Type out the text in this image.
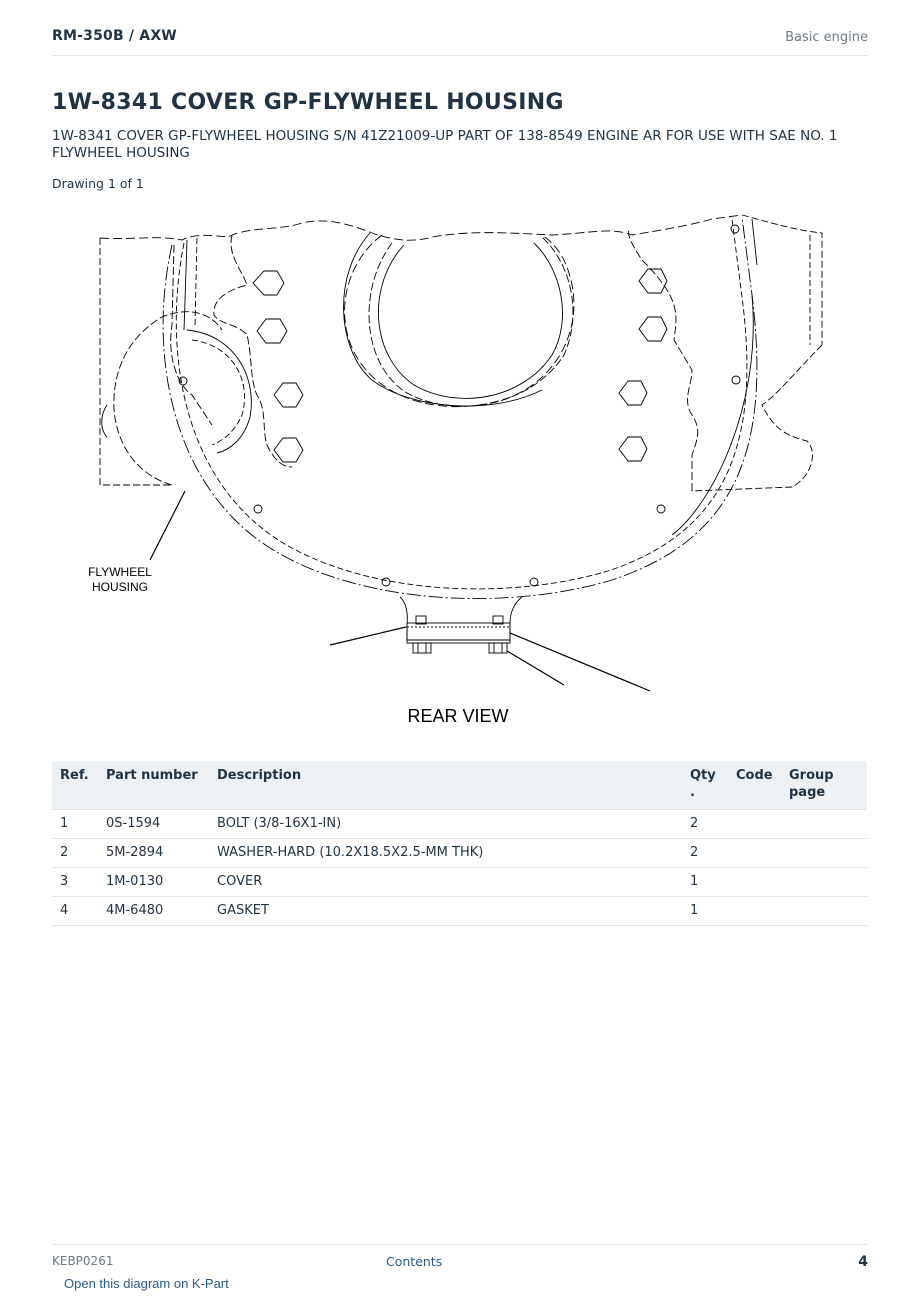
RM-350B / AXW	Basic engine
1W-8341 COVER GP-FLYWHEEL HOUSING
1W-8341 COVER GP-FLYWHEEL HOUSING S/N 41Z21009-UP PART OF 138-8549 ENGINE AR FOR USE WITH SAE NO. 1 FLYWHEEL HOUSING
Drawing 1 of 1
FLYWHEEL
HOUSING
REAR VIEW
Ref.	Part number	Description	Qty .	Code	Group page
1	0S-1594	BOLT (3/8-16X1-IN)	2		
2	5M-2894	WASHER-HARD (10.2X18.5X2.5-MM THK)	2		
3	1M-0130	COVER	1		
4	4M-6480	GASKET	1		
KEBP0261	Contents	4
Open this diagram on K-Part
